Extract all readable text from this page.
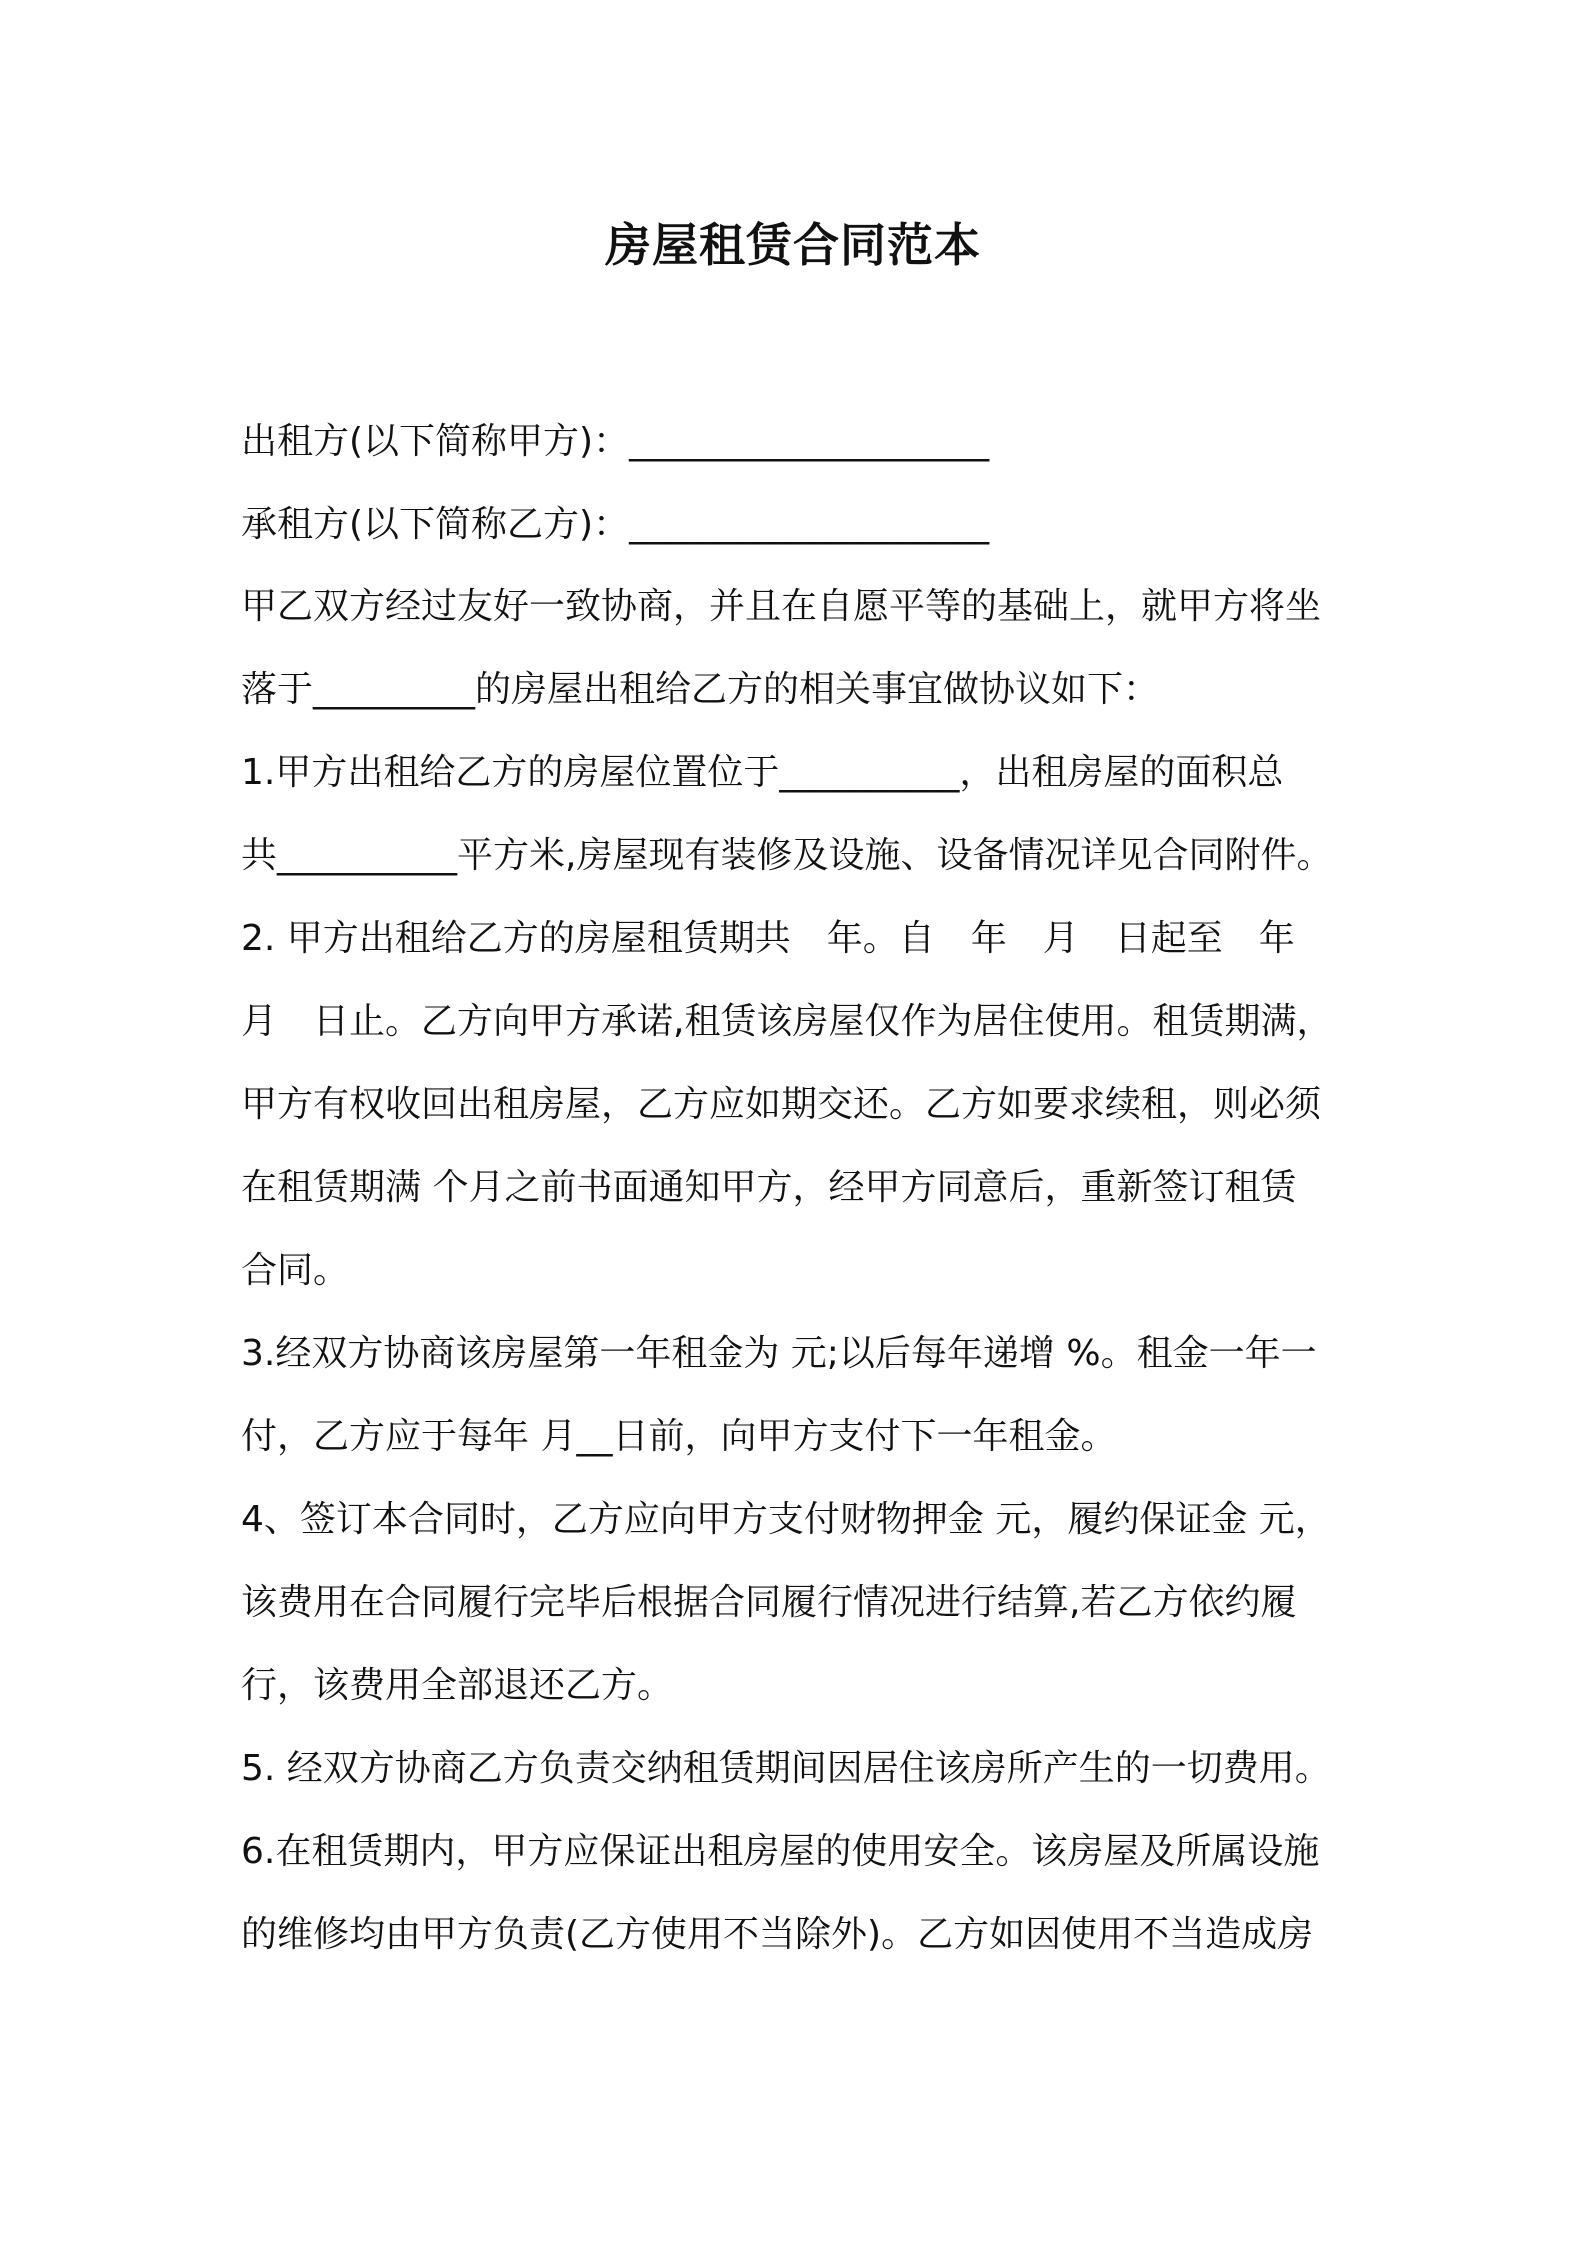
房屋租赁合同范本
出租方(以下简称甲方)：____________________
承租方(以下简称乙方)：____________________
甲乙双方经过友好一致协商，并且在自愿平等的基础上，就甲方将坐
落于_________的房屋出租给乙方的相关事宜做协议如下：
1.甲方出租给乙方的房屋位置位于__________，出租房屋的面积总
共__________平方米,房屋现有装修及设施、设备情况详见合同附件。
2. 甲方出租给乙方的房屋租赁期共　年。自　年　月　日起至　年
月　日止。乙方向甲方承诺,租赁该房屋仅作为居住使用。租赁期满，
甲方有权收回出租房屋，乙方应如期交还。乙方如要求续租，则必须
在租赁期满 个月之前书面通知甲方，经甲方同意后，重新签订租赁
合同。
3.经双方协商该房屋第一年租金为 元;以后每年递增 %。租金一年一
付，乙方应于每年 月__日前，向甲方支付下一年租金。
4、签订本合同时，乙方应向甲方支付财物押金 元，履约保证金 元，
该费用在合同履行完毕后根据合同履行情况进行结算,若乙方依约履
行，该费用全部退还乙方。
5. 经双方协商乙方负责交纳租赁期间因居住该房所产生的一切费用。
6.在租赁期内，甲方应保证出租房屋的使用安全。该房屋及所属设施
的维修均由甲方负责(乙方使用不当除外)。乙方如因使用不当造成房
